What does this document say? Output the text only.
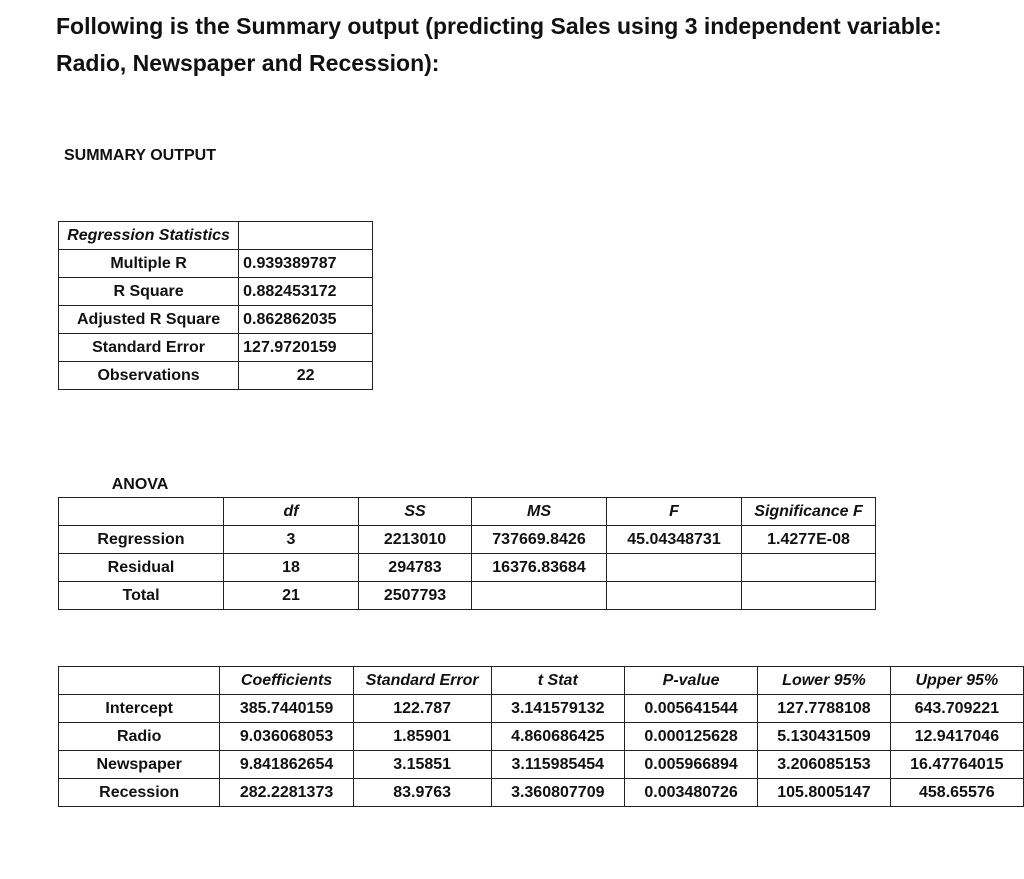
Following is the Summary output (predicting Sales using 3 independent variable: Radio, Newspaper and Recession):
SUMMARY OUTPUT
Regression Statistics	
Multiple R	0.939389787
R Square	0.882453172
Adjusted R Square	0.862862035
Standard Error	127.9720159
Observations	22
ANOVA
	df	SS	MS	F	Significance F
Regression	3	2213010	737669.8426	45.04348731	1.4277E-08
Residual	18	294783	16376.83684		
Total	21	2507793			
	Coefficients	Standard Error	t Stat	P-value	Lower 95%	Upper 95%
Intercept	385.7440159	122.787	3.141579132	0.005641544	127.7788108	643.709221
Radio	9.036068053	1.85901	4.860686425	0.000125628	5.130431509	12.9417046
Newspaper	9.841862654	3.15851	3.115985454	0.005966894	3.206085153	16.47764015
Recession	282.2281373	83.9763	3.360807709	0.003480726	105.8005147	458.65576
